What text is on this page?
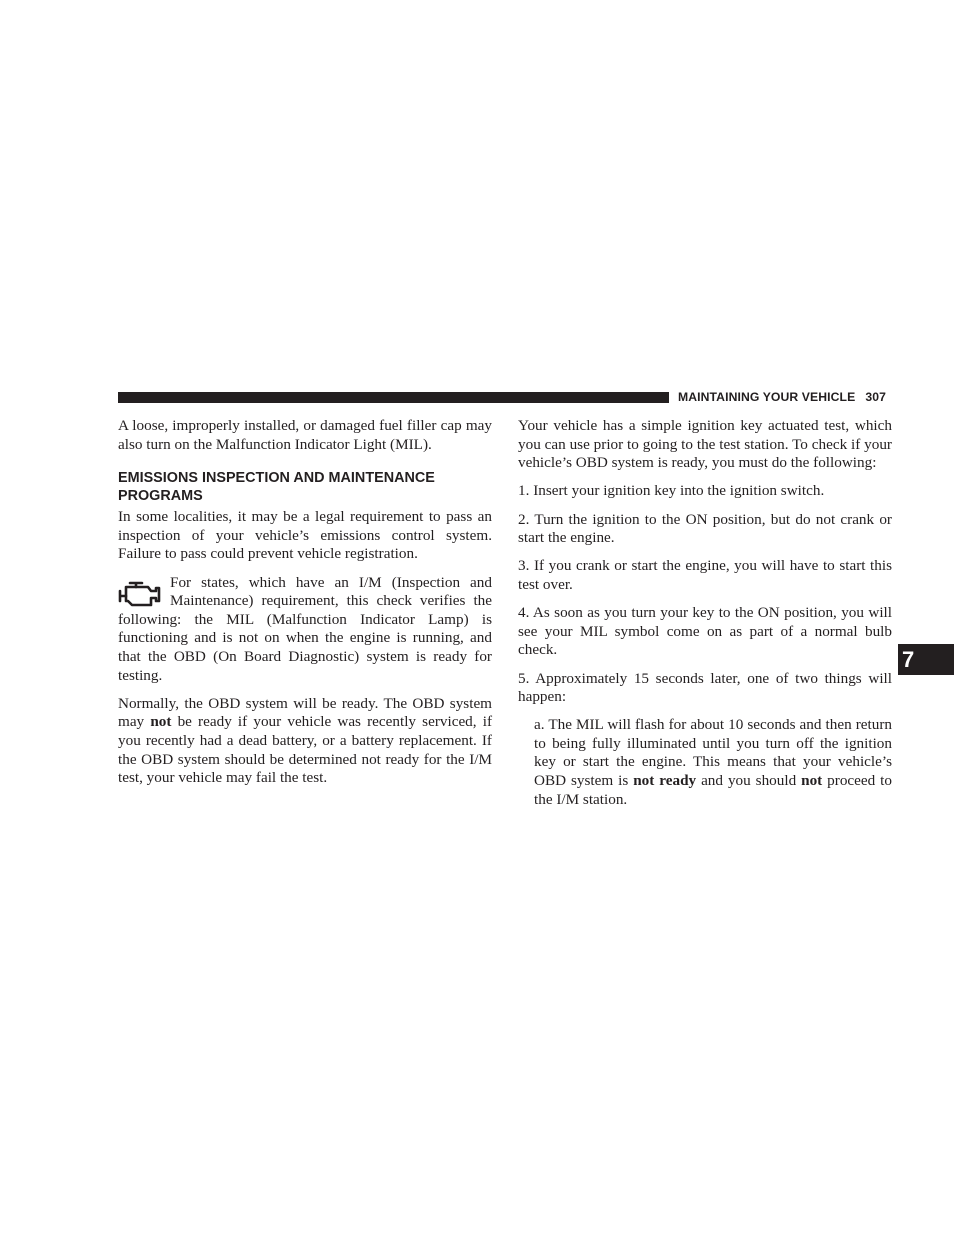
MAINTAINING YOUR VEHICLE 307

A loose, improperly installed, or damaged fuel filler cap may also turn on the Malfunction Indicator Light (MIL).

EMISSIONS INSPECTION AND MAINTENANCE PROGRAMS

In some localities, it may be a legal requirement to pass an inspection of your vehicle’s emissions control system. Failure to pass could prevent vehicle registration.

For states, which have an I/M (Inspection and Maintenance) requirement, this check verifies the following: the MIL (Malfunction Indicator Lamp) is functioning and is not on when the engine is running, and that the OBD (On Board Diagnostic) system is ready for testing.

Normally, the OBD system will be ready. The OBD system may not be ready if your vehicle was recently serviced, if you recently had a dead battery, or a battery replacement. If the OBD system should be determined not ready for the I/M test, your vehicle may fail the test.

Your vehicle has a simple ignition key actuated test, which you can use prior to going to the test station. To check if your vehicle’s OBD system is ready, you must do the following:

1. Insert your ignition key into the ignition switch.

2. Turn the ignition to the ON position, but do not crank or start the engine.

3. If you crank or start the engine, you will have to start this test over.

4. As soon as you turn your key to the ON position, you will see your MIL symbol come on as part of a normal bulb check.

5. Approximately 15 seconds later, one of two things will happen:

a. The MIL will flash for about 10 seconds and then return to being fully illuminated until you turn off the ignition key or start the engine. This means that your vehicle’s OBD system is not ready and you should not proceed to the I/M station.

7
